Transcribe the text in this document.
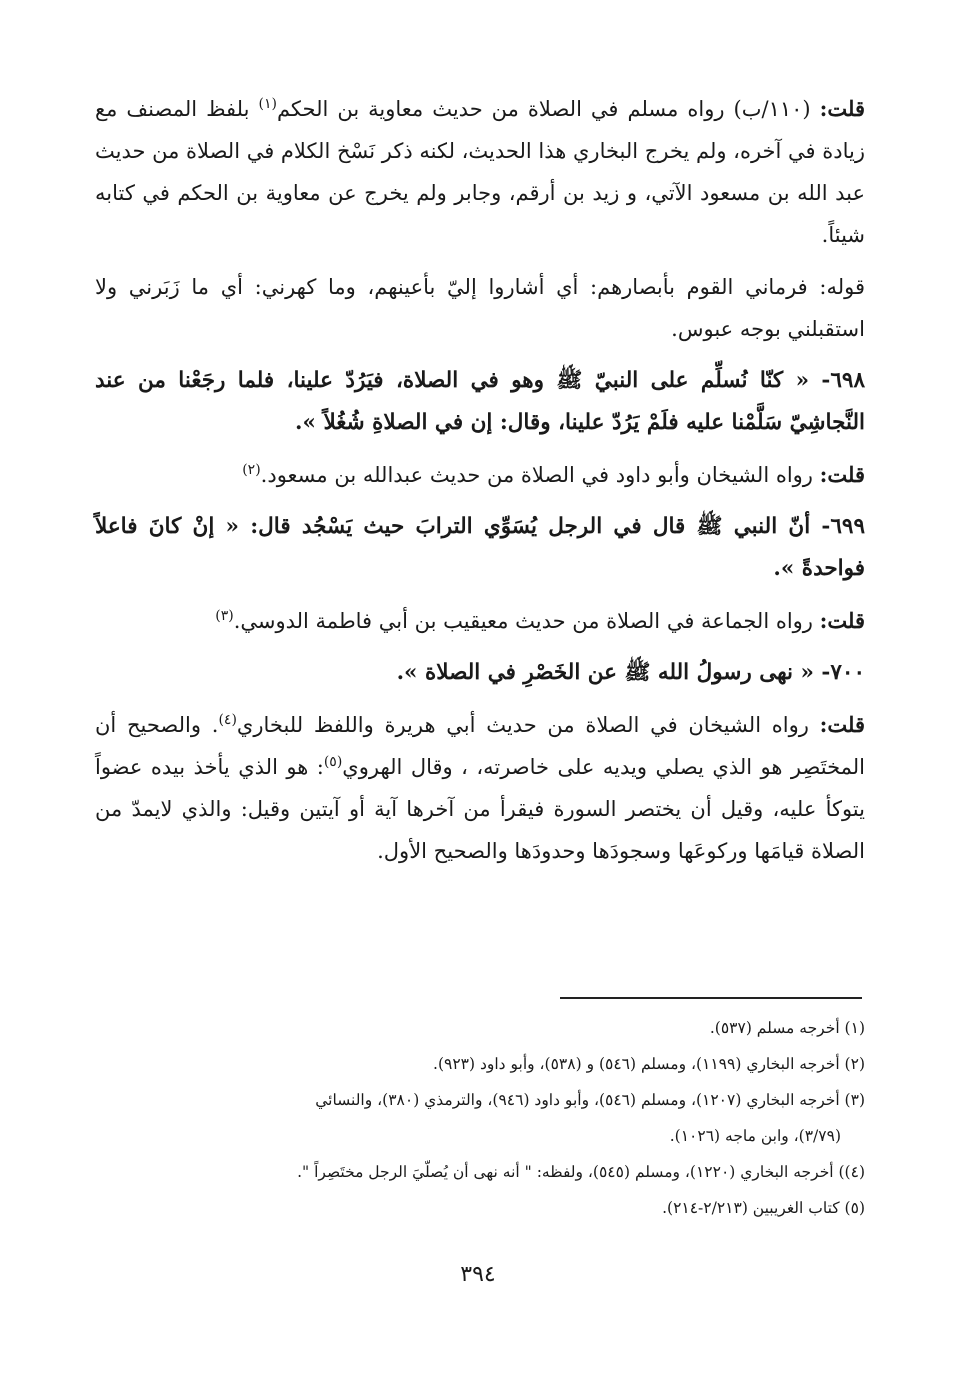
قلت: (١١٠/ب) رواه مسلم في الصلاة من حديث معاوية بن الحكم$^{(١)}$ بلفظ المصنف مع زيادة في آخره، ولم يخرج البخاري هذا الحديث، لكنه ذكر نَسْخ الكلام في الصلاة من حديث عبد الله بن مسعود الآتي، و زيد بن أرقم، وجابر ولم يخرج عن معاوية بن الحكم في كتابه شيئاً.

قوله: فرماني القوم بأبصارهم: أي أشاروا إليّ بأعينهم، وما كهرني: أي ما زَبَرني ولا استقبلني بوجه عبوس.

٦٩٨- « كنّا نُسلِّم على النبيّ ﷺ وهو في الصلاة، فيَرُدّ علينا، فلما رجَعْنا من عند النَّجاشِيّ سَلَّمْنا عليه فلَمْ يَرُدّ علينا، وقال: إن في الصلاةِ شُغُلاً ».

قلت: رواه الشيخان وأبو داود في الصلاة من حديث عبدالله بن مسعود.$^{(٢)}$

٦٩٩- أنّ النبي ﷺ قال في الرجل يُسَوِّي الترابَ حيث يَسْجُد قال: « إنْ كانَ فاعلاً فواحدةً ».

قلت: رواه الجماعة في الصلاة من حديث معيقيب بن أبي فاطمة الدوسي.$^{(٣)}$

٧٠٠- « نهى رسولُ الله ﷺ عن الخَصْرِ في الصلاة ».

قلت: رواه الشيخان في الصلاة من حديث أبي هريرة واللفظ للبخاري$^{(٤)}$. والصحيح أن المختَصِر هو الذي يصلي ويديه على خاصرته، ، وقال الهروي$^{(٥)}$: هو الذي يأخذ بيده عضواً يتوكأ عليه، وقيل أن يختصر السورة فيقرأ من آخرها آية أو آيتين وقيل: والذي لايمدّ من الصلاة قيامَها وركوعَها وسجودَها وحدودَها والصحيح الأول.

(١) أخرجه مسلم (٥٣٧).

(٢) أخرجه البخاري (١١٩٩)، ومسلم (٥٤٦) و (٥٣٨)، وأبو داود (٩٢٣).

(٣) أخرجه البخاري (١٢٠٧)، ومسلم (٥٤٦)، وأبو داود (٩٤٦)، والترمذي (٣٨٠)، والنسائي

(٣/٧٩)، وابن ماجه (١٠٢٦).

(٤)) أخرجه البخاري (١٢٢٠)، ومسلم (٥٤٥)، ولفظه: " أنه نهى أن يُصلّيَ الرجل مختَصِراً ".

(٥) كتاب الغريبين (٢/٢١٣-٢١٤).

٣٩٤
